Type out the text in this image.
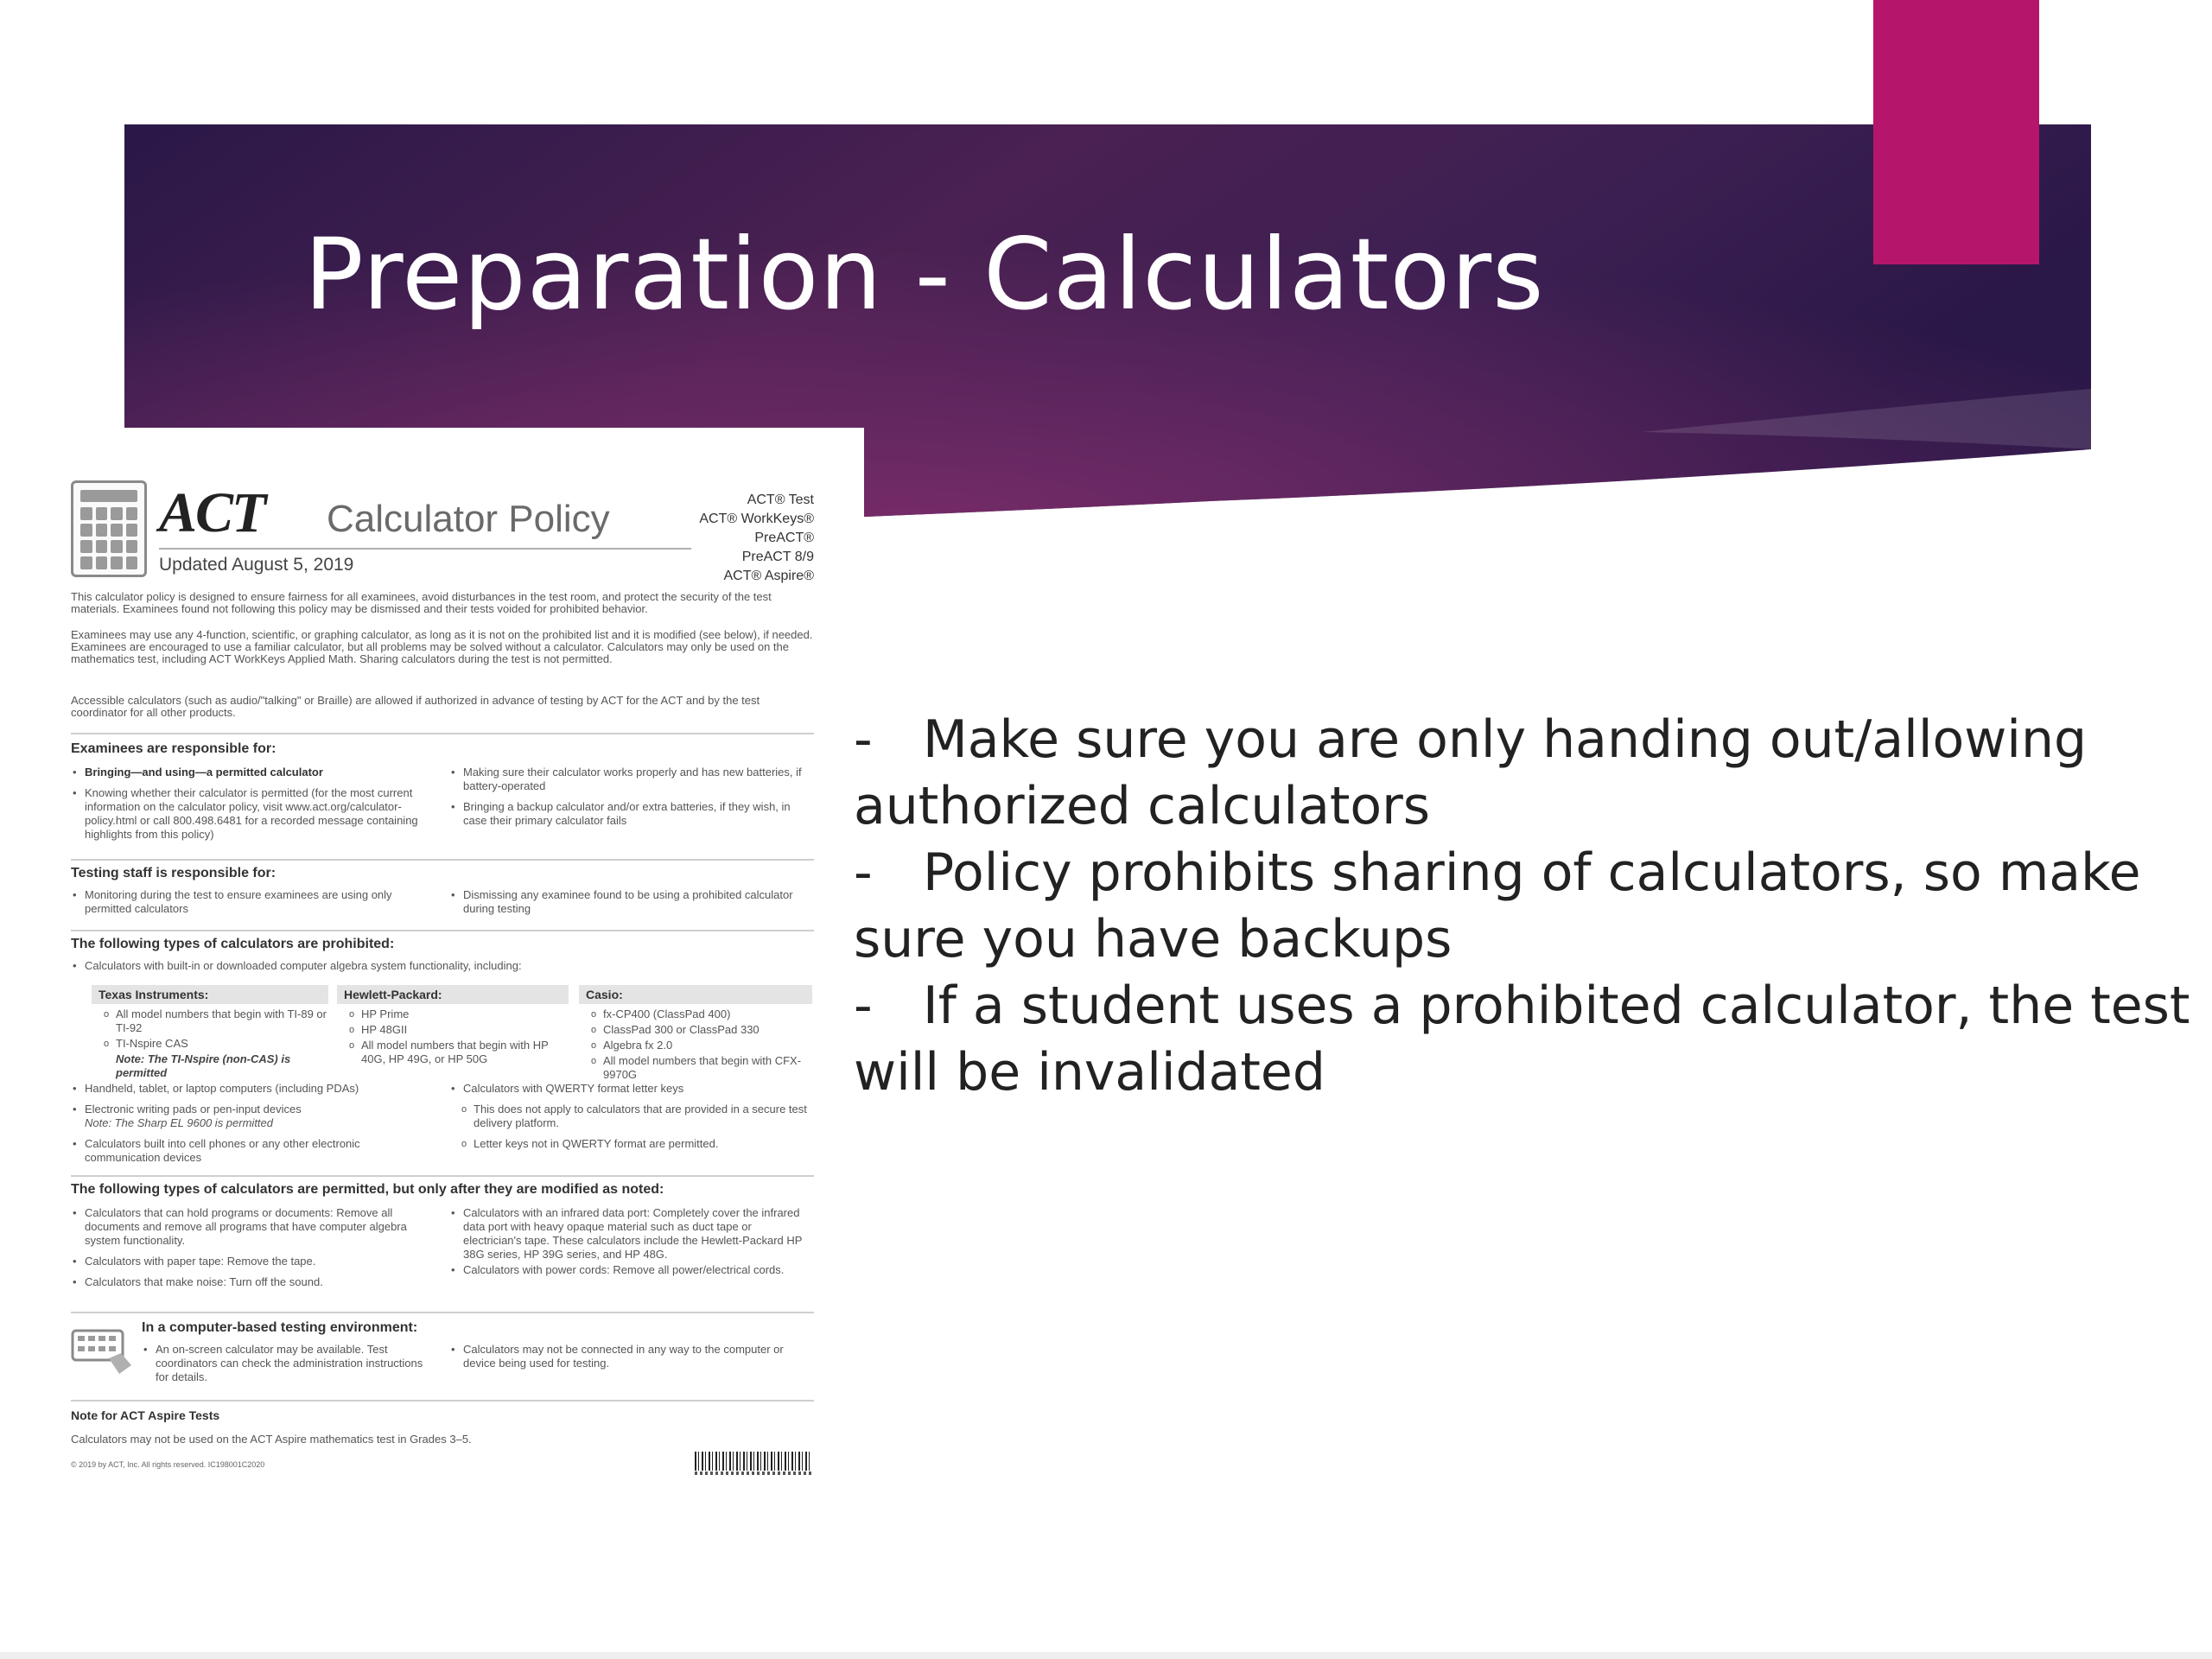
Preparation - Calculators
- Make sure you are only handing out/allowing authorized calculators
- Policy prohibits sharing of calculators, so make sure you have backups
- If a student uses a prohibited calculator, the test will be invalidated
ACT Calculator Policy
Updated August 5, 2019
ACT® Test
ACT® WorkKeys®
PreACT®
PreACT 8/9
ACT® Aspire®
This calculator policy is designed to ensure fairness for all examinees, avoid disturbances in the test room, and protect the security of the test materials. Examinees found not following this policy may be dismissed and their tests voided for prohibited behavior.
Examinees may use any 4-function, scientific, or graphing calculator, as long as it is not on the prohibited list and it is modified (see below), if needed. Examinees are encouraged to use a familiar calculator, but all problems may be solved without a calculator. Calculators may only be used on the mathematics test, including ACT WorkKeys Applied Math. Sharing calculators during the test is not permitted.
Accessible calculators (such as audio/"talking" or Braille) are allowed if authorized in advance of testing by ACT for the ACT and by the test coordinator for all other products.
Examinees are responsible for:
• Bringing—and using—a permitted calculator
• Knowing whether their calculator is permitted (for the most current information on the calculator policy, visit www.act.org/calculator-policy.html or call 800.498.6481 for a recorded message containing highlights from this policy)
• Making sure their calculator works properly and has new batteries, if battery-operated
• Bringing a backup calculator and/or extra batteries, if they wish, in case their primary calculator fails
Testing staff is responsible for:
• Monitoring during the test to ensure examinees are using only permitted calculators
• Dismissing any examinee found to be using a prohibited calculator during testing
The following types of calculators are prohibited:
• Calculators with built-in or downloaded computer algebra system functionality, including:
Texas Instruments:	Hewlett-Packard:	Casio:
o All model numbers that begin with TI-89 or TI-92
o TI-Nspire CAS
Note: The TI-Nspire (non-CAS) is permitted
o HP Prime
o HP 48GII
o All model numbers that begin with HP 40G, HP 49G, or HP 50G
o fx-CP400 (ClassPad 400)
o ClassPad 300 or ClassPad 330
o Algebra fx 2.0
o All model numbers that begin with CFX-9970G
• Handheld, tablet, or laptop computers (including PDAs)
• Electronic writing pads or pen-input devices
Note: The Sharp EL 9600 is permitted
• Calculators built into cell phones or any other electronic communication devices
• Calculators with QWERTY format letter keys
o This does not apply to calculators that are provided in a secure test delivery platform.
o Letter keys not in QWERTY format are permitted.
The following types of calculators are permitted, but only after they are modified as noted:
• Calculators that can hold programs or documents: Remove all documents and remove all programs that have computer algebra system functionality.
• Calculators with paper tape: Remove the tape.
• Calculators that make noise: Turn off the sound.
• Calculators with an infrared data port: Completely cover the infrared data port with heavy opaque material such as duct tape or electrician's tape. These calculators include the Hewlett-Packard HP 38G series, HP 39G series, and HP 48G.
• Calculators with power cords: Remove all power/electrical cords.
In a computer-based testing environment:
• An on-screen calculator may be available. Test coordinators can check the administration instructions for details.
• Calculators may not be connected in any way to the computer or device being used for testing.
Note for ACT Aspire Tests
Calculators may not be used on the ACT Aspire mathematics test in Grades 3–5.
© 2019 by ACT, Inc. All rights reserved. IC198001C2020
